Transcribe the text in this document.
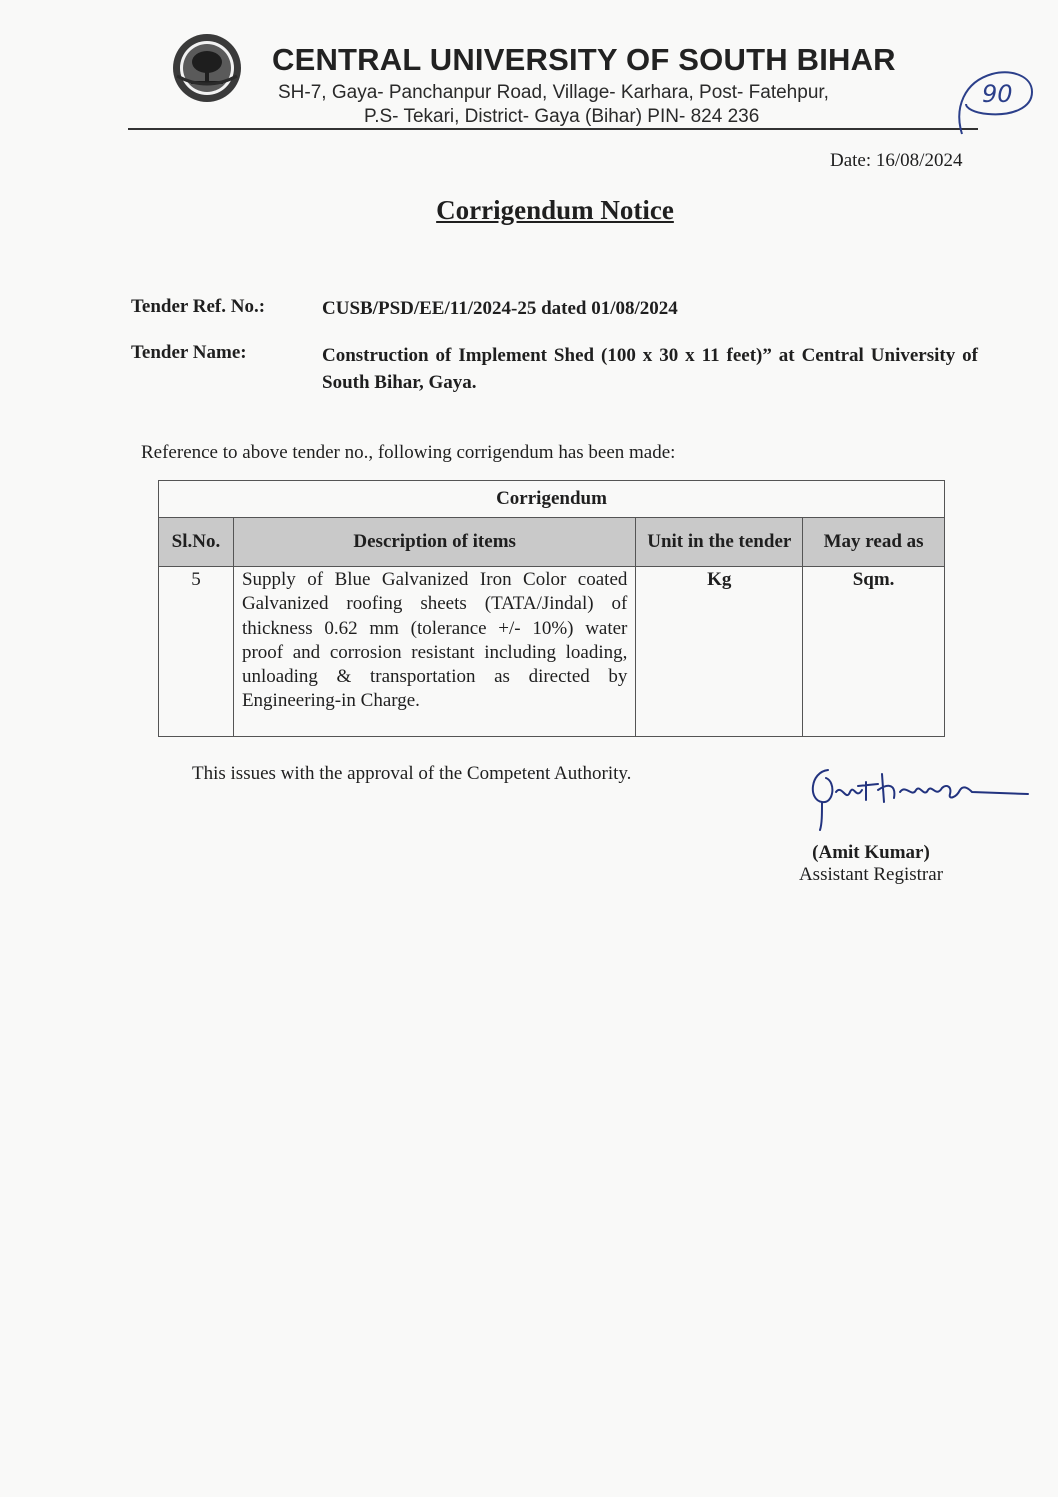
CENTRAL UNIVERSITY OF SOUTH BIHAR
SH-7, Gaya- Panchanpur Road, Village- Karhara, Post- Fatehpur,
P.S- Tekari, District- Gaya (Bihar) PIN- 824 236
90
Date: 16/08/2024
Corrigendum Notice
Tender Ref. No.:	CUSB/PSD/EE/11/2024-25 dated 01/08/2024
Tender Name:	Construction of Implement Shed (100 x 30 x 11 feet)” at Central University of South Bihar, Gaya.
Reference to above tender no., following corrigendum has been made:
Corrigendum			
Sl.No.	Description of items	Unit in the tender	May read as
5	Supply of Blue Galvanized Iron Color coated Galvanized roofing sheets (TATA/Jindal) of thickness 0.62 mm (tolerance +/- 10%) water proof and corrosion resistant including loading, unloading & transportation as directed by Engineering-in Charge.	Kg	Sqm.
This issues with the approval of the Competent Authority.
(Amit Kumar)
Assistant Registrar
